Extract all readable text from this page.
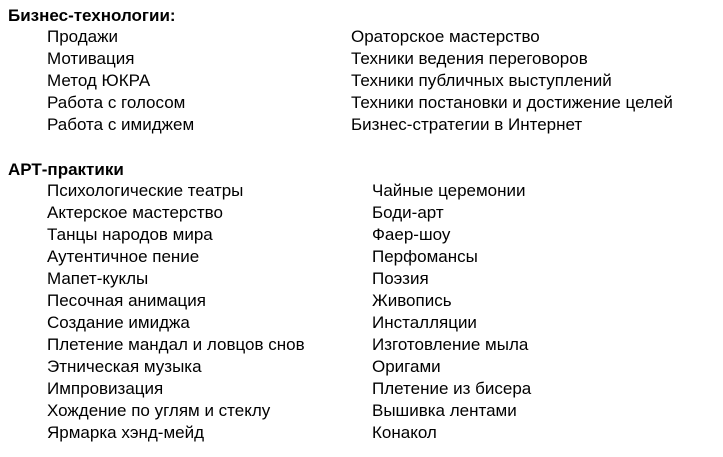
Бизнес-технологии:
Продажи
Мотивация
Метод ЮКРА
Работа с голосом
Работа с имиджем
Ораторское мастерство
Техники ведения переговоров
Техники публичных выступлений
Техники постановки и достижение целей
Бизнес-стратегии в Интернет
АРТ-практики
Психологические театры
Актерское мастерство
Танцы народов мира
Аутентичное пение
Мапет-куклы
Песочная анимация
Создание имиджа
Плетение мандал и ловцов снов
Этническая музыка
Импровизация
Хождение по углям и стеклу
Ярмарка хэнд-мейд
Чайные церемонии
Боди-арт
Фаер-шоу
Перфомансы
Поэзия
Живопись
Инсталляции
Изготовление мыла
Оригами
Плетение из бисера
Вышивка лентами
Конакол
